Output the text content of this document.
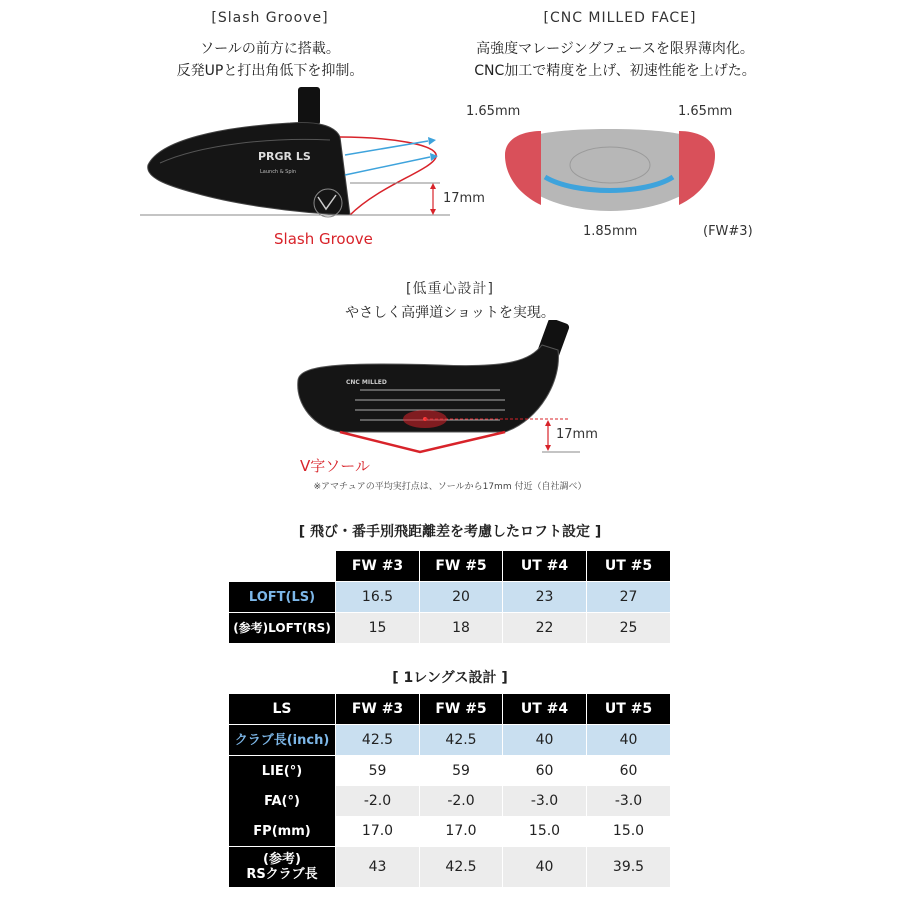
[Slash Groove]
ソールの前方に搭載。
反発UPと打出角低下を抑制。
PRGR LS
Launch & Spin
17mm
Slash Groove
[CNC MILLED FACE]
高強度マレージングフェースを限界薄肉化。
CNC加工で精度を上げ、初速性能を上げた。
1.65mm	1.65mm
1.85mm	(FW#3)
[低重心設計]
やさしく高弾道ショットを実現。
CNC MILLED
17mm
V字ソール
※アマチュアの平均実打点は、ソールから17mm 付近（自社調べ）
[ 飛び・番手別飛距離差を考慮したロフト設定 ]
FW #3	FW #5	UT #4	UT #5
LOFT(LS)	16.5	20	23	27
(参考)LOFT(RS)	15	18	22	25
[ 1レングス設計 ]
LS	FW #3	FW #5	UT #4	UT #5
クラブ長(inch)	42.5	42.5	40	40
LIE(°)	59	59	60	60
FA(°)	-2.0	-2.0	-3.0	-3.0
FP(mm)	17.0	17.0	15.0	15.0
(参考)
RSクラブ長	43	42.5	40	39.5
